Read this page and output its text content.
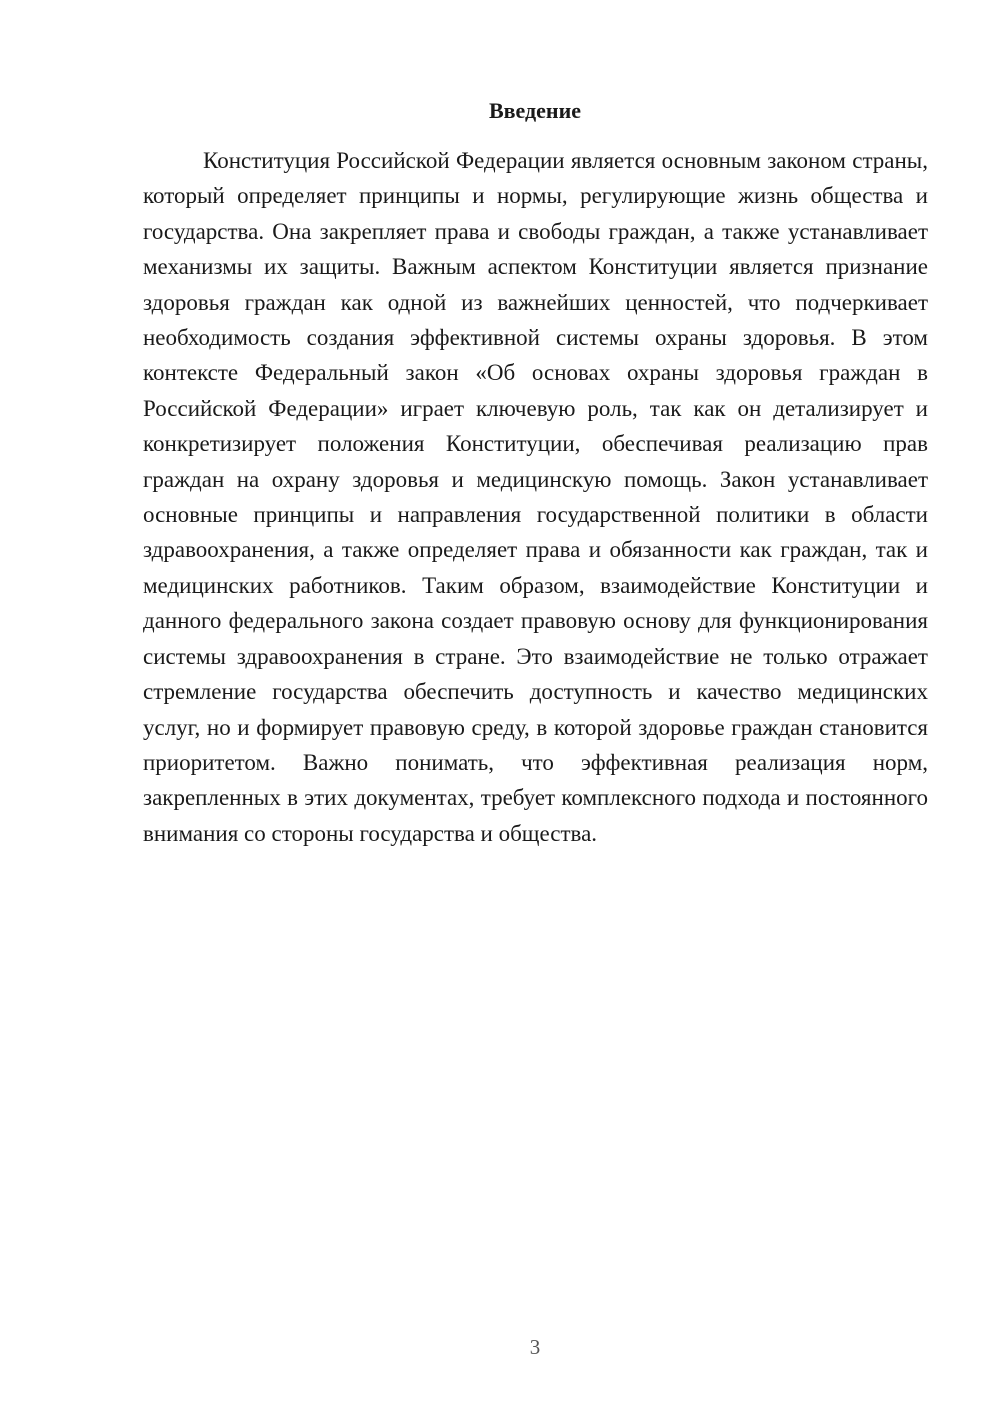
Введение

Конституция Российской Федерации является основным законом страны, который определяет принципы и нормы, регулирующие жизнь общества и государства. Она закрепляет права и свободы граждан, а также устанавливает механизмы их защиты. Важным аспектом Конституции является признание здоровья граждан как одной из важнейших ценностей, что подчеркивает необходимость создания эффективной системы охраны здоровья. В этом контексте Федеральный закон «Об основах охраны здоровья граждан в Российской Федерации» играет ключевую роль, так как он детализирует и конкретизирует положения Конституции, обеспечивая реализацию прав граждан на охрану здоровья и медицинскую помощь. Закон устанавливает основные принципы и направления государственной политики в области здравоохранения, а также определяет права и обязанности как граждан, так и медицинских работников. Таким образом, взаимодействие Конституции и данного федерального закона создает правовую основу для функционирования системы здравоохранения в стране. Это взаимодействие не только отражает стремление государства обеспечить доступность и качество медицинских услуг, но и формирует правовую среду, в которой здоровье граждан становится приоритетом. Важно понимать, что эффективная реализация норм, закрепленных в этих документах, требует комплексного подхода и постоянного внимания со стороны государства и общества.

3
